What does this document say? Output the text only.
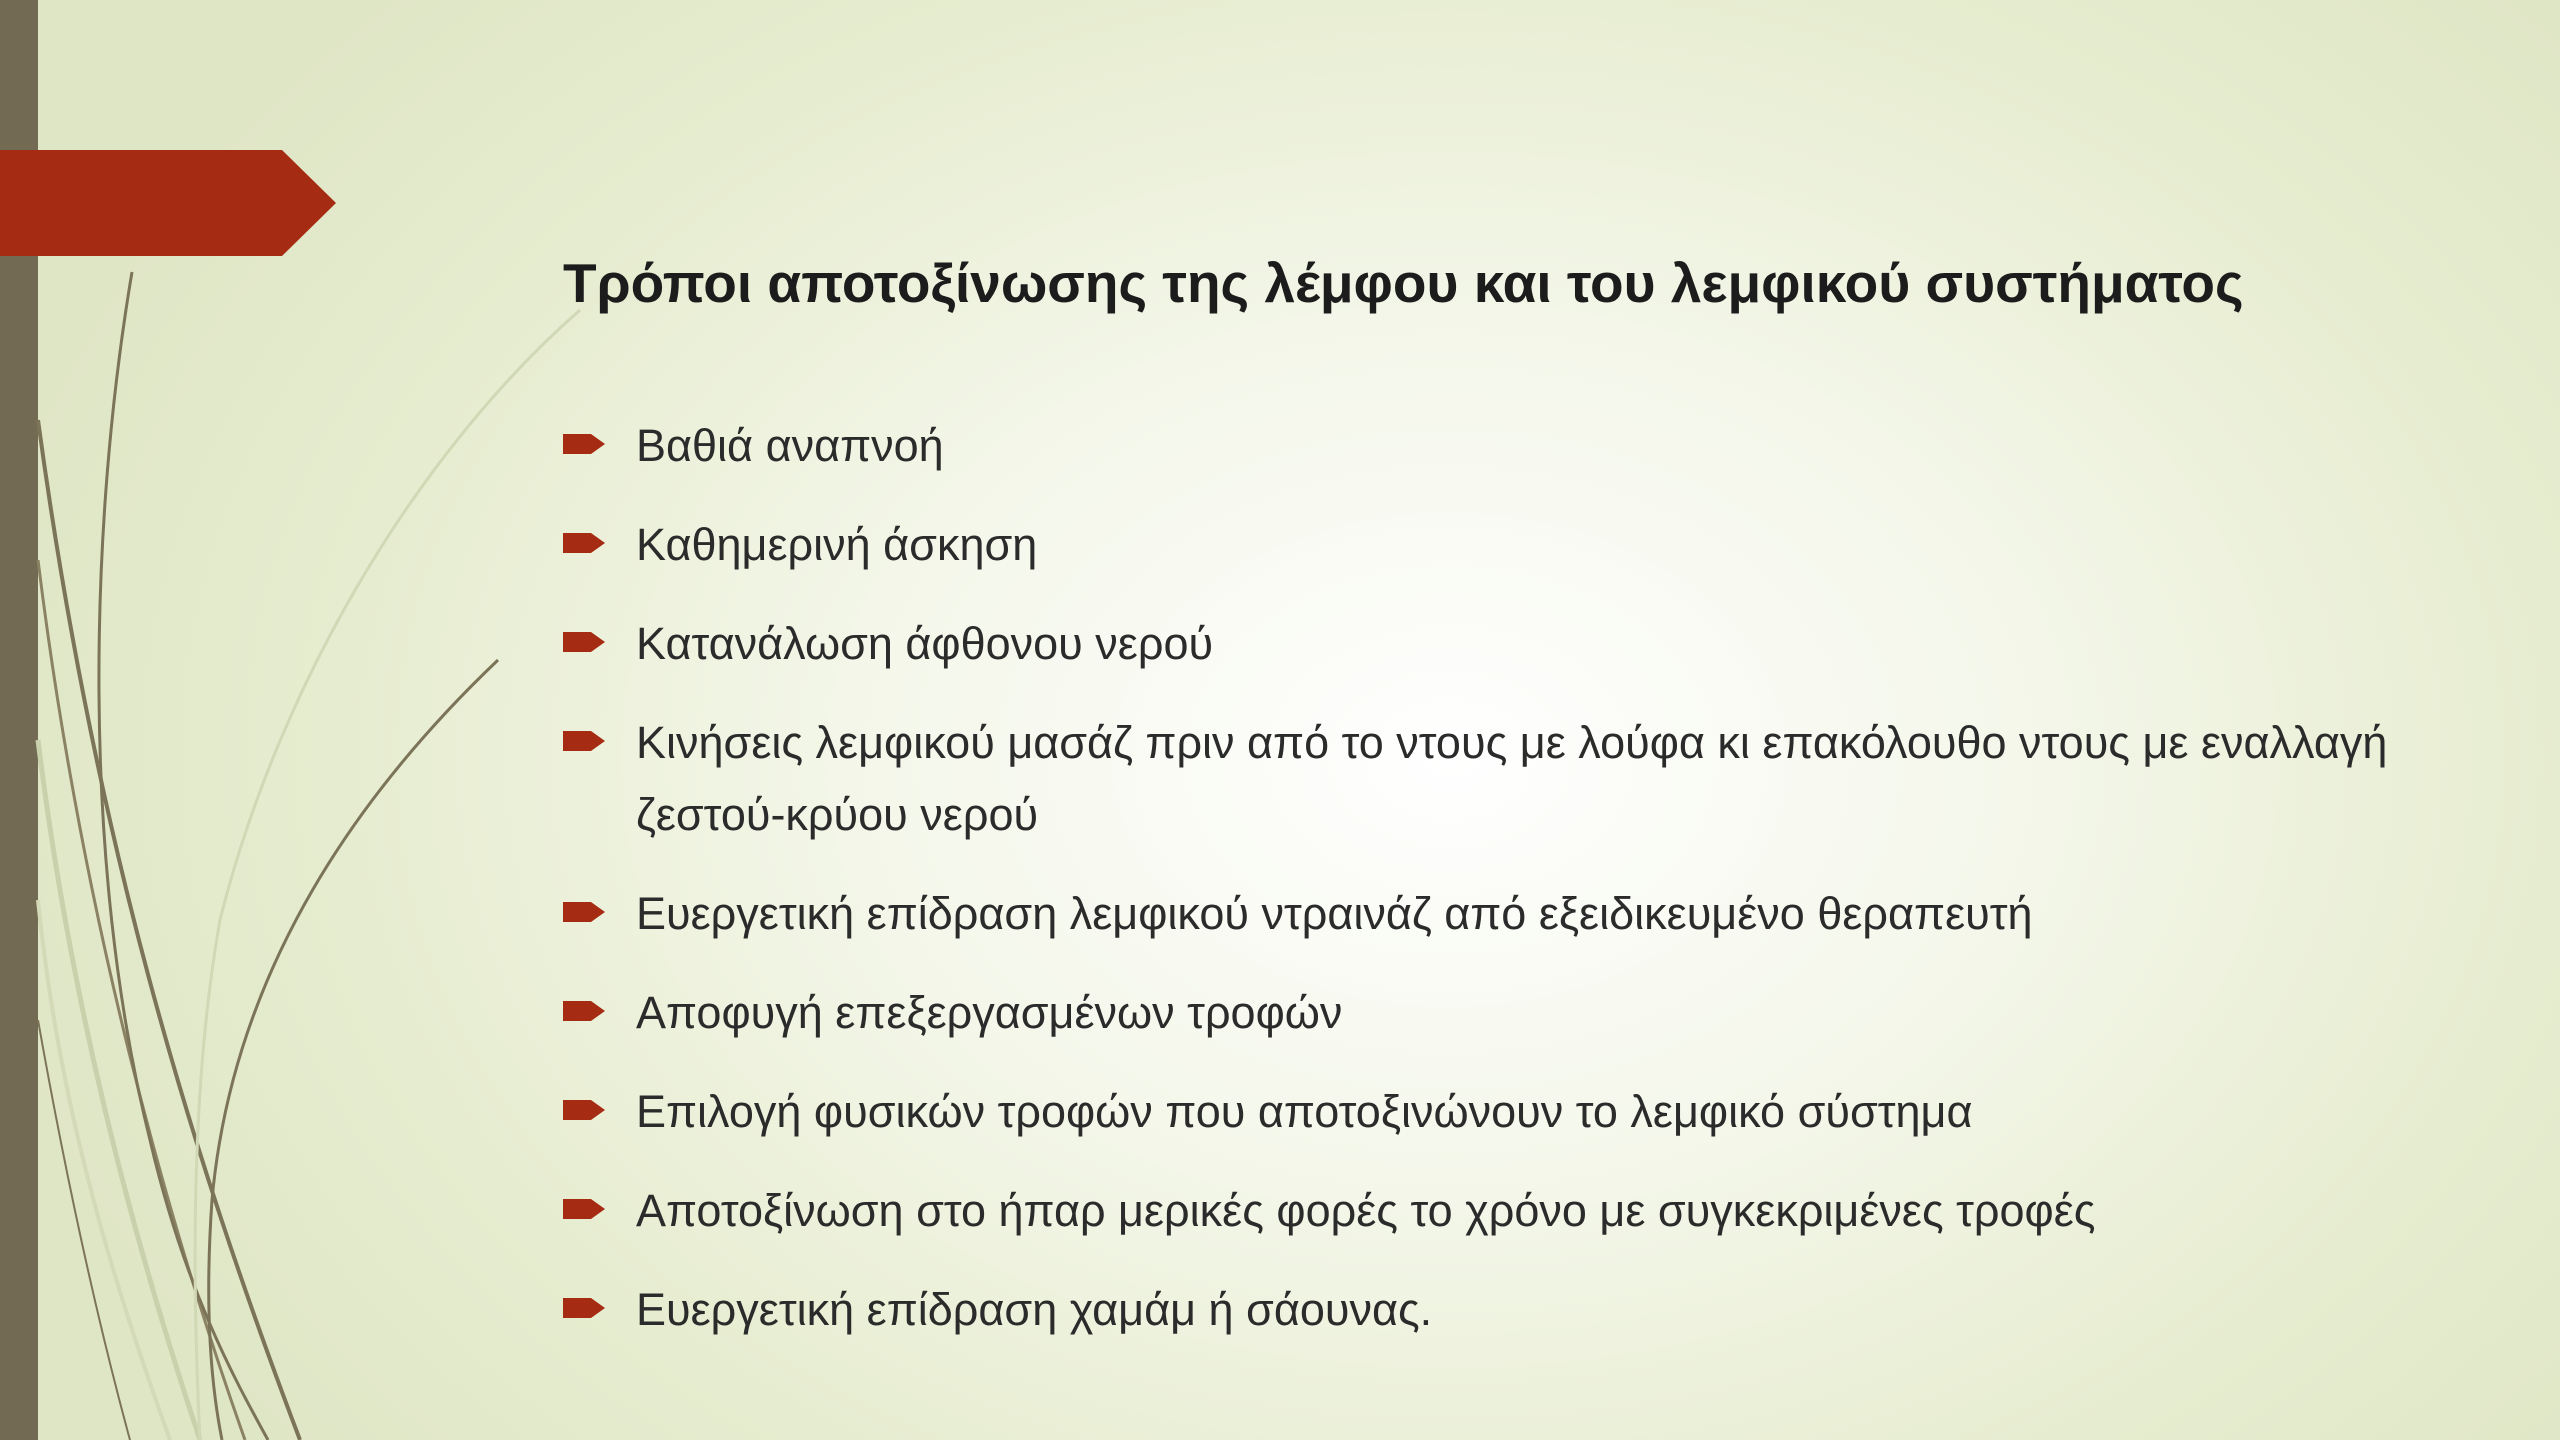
Τρόποι αποτοξίνωσης της λέμφου και του λεμφικού συστήματος
Βαθιά αναπνοή
Καθημερινή άσκηση
Κατανάλωση άφθονου νερού
Κινήσεις λεμφικού μασάζ πριν από το ντους με λούφα κι επακόλουθο ντους με εναλλαγή ζεστού-κρύου νερού
Ευεργετική επίδραση λεμφικού ντραινάζ από εξειδικευμένο θεραπευτή
Αποφυγή επεξεργασμένων τροφών
Επιλογή φυσικών τροφών που αποτοξινώνουν το λεμφικό σύστημα
Αποτοξίνωση στο ήπαρ μερικές φορές το χρόνο με συγκεκριμένες τροφές
Ευεργετική επίδραση χαμάμ ή σάουνας.
